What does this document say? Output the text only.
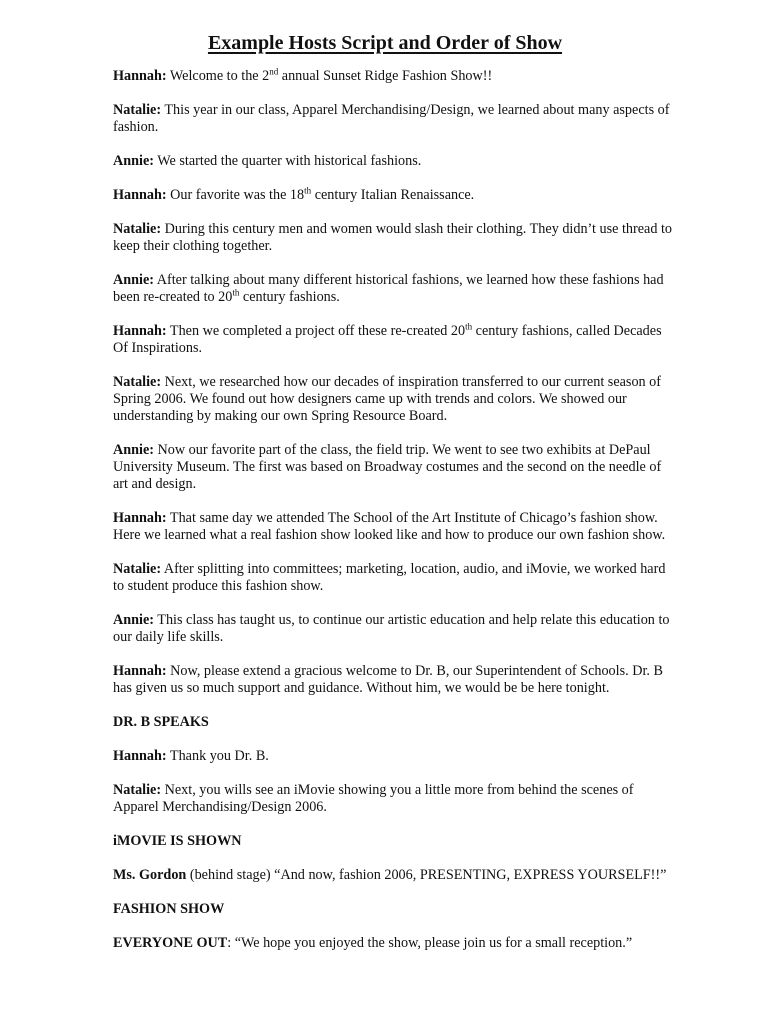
Example Hosts Script and Order of Show

Hannah: Welcome to the 2nd annual Sunset Ridge Fashion Show!!

Natalie: This year in our class, Apparel Merchandising/Design, we learned about many aspects of fashion.

Annie: We started the quarter with historical fashions.

Hannah: Our favorite was the 18th century Italian Renaissance.

Natalie: During this century men and women would slash their clothing. They didn’t use thread to keep their clothing together.

Annie: After talking about many different historical fashions, we learned how these fashions had been re-created to 20th century fashions.

Hannah: Then we completed a project off these re-created 20th century fashions, called Decades Of Inspirations.

Natalie: Next, we researched how our decades of inspiration transferred to our current season of Spring 2006. We found out how designers came up with trends and colors. We showed our understanding by making our own Spring Resource Board.

Annie: Now our favorite part of the class, the field trip. We went to see two exhibits at DePaul University Museum. The first was based on Broadway costumes and the second on the needle of art and design.

Hannah: That same day we attended The School of the Art Institute of Chicago’s fashion show. Here we learned what a real fashion show looked like and how to produce our own fashion show.

Natalie: After splitting into committees; marketing, location, audio, and iMovie, we worked hard to student produce this fashion show.

Annie: This class has taught us, to continue our artistic education and help relate this education to our daily life skills.

Hannah: Now, please extend a gracious welcome to Dr. B, our Superintendent of Schools. Dr. B has given us so much support and guidance. Without him, we would be be here tonight.

DR. B SPEAKS

Hannah: Thank you Dr. B.

Natalie: Next, you wills see an iMovie showing you a little more from behind the scenes of Apparel Merchandising/Design 2006.

iMOVIE IS SHOWN

Ms. Gordon (behind stage) “And now, fashion 2006, PRESENTING, EXPRESS YOURSELF!!”

FASHION SHOW

EVERYONE OUT: “We hope you enjoyed the show, please join us for a small reception.”
